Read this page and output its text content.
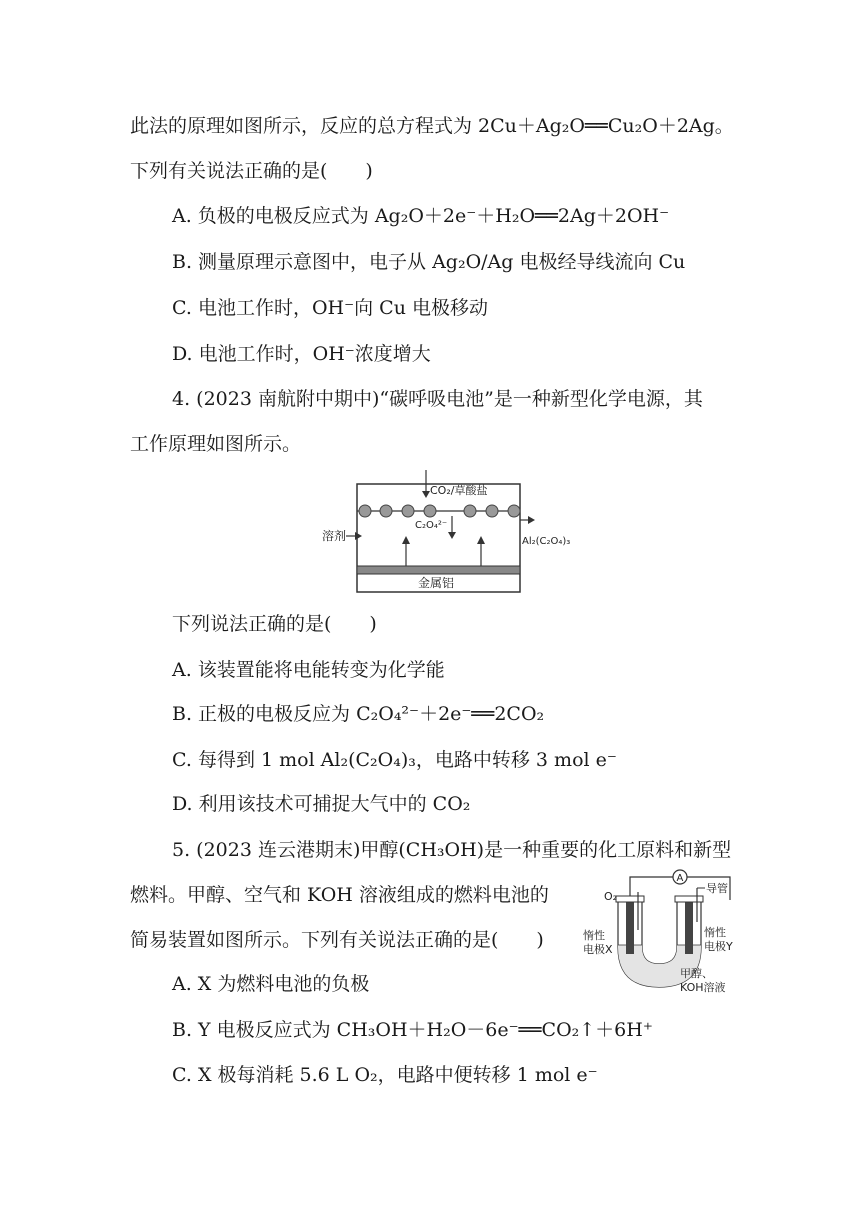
此法的原理如图所示，反应的总方程式为 2Cu＋Ag₂O══Cu₂O＋2Ag。
下列有关说法正确的是(　　)
A. 负极的电极反应式为 Ag₂O＋2e⁻＋H₂O══2Ag＋2OH⁻
B. 测量原理示意图中，电子从 Ag₂O/Ag 电极经导线流向 Cu
C. 电池工作时，OH⁻向 Cu 电极移动
D. 电池工作时，OH⁻浓度增大
4. (2023 南航附中期中)“碳呼吸电池”是一种新型化学电源，其
工作原理如图所示。
CO₂/草酸盐
C₂O₄²⁻
溶剂	Al₂(C₂O₄)₃
金属铝
下列说法正确的是(　　)
A. 该装置能将电能转变为化学能
B. 正极的电极反应为 C₂O₄²⁻＋2e⁻══2CO₂
C. 每得到 1 mol Al₂(C₂O₄)₃，电路中转移 3 mol e⁻
D. 利用该技术可捕捉大气中的 CO₂
5. (2023 连云港期末)甲醇(CH₃OH)是一种重要的化工原料和新型
燃料。甲醇、空气和 KOH 溶液组成的燃料电池的
简易装置如图所示。下列有关说法正确的是(　　)
A
O₂
导管
惰性
电极X
惰性
电极Y
甲醇、
KOH溶液
A. X 为燃料电池的负极
B. Y 电极反应式为 CH₃OH＋H₂O－6e⁻══CO₂↑＋6H⁺
C. X 极每消耗 5.6 L O₂，电路中便转移 1 mol e⁻
